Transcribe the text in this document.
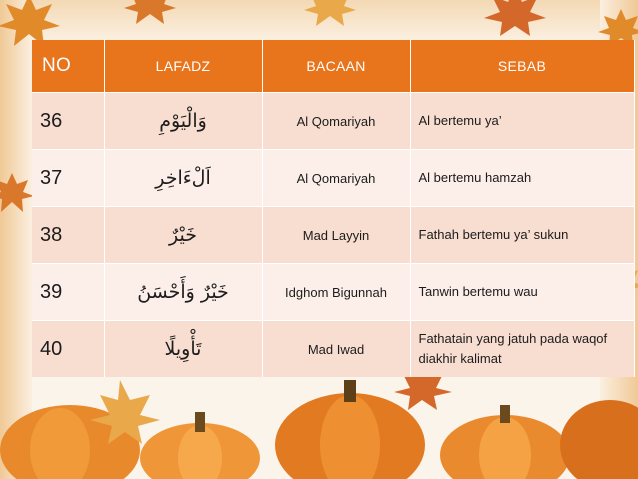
NO	LAFADZ	BACAAN	SEBAB
36	وَالْيَوْمِ	Al Qomariyah	Al bertemu ya’
37	اَلْءَاخِرِ	Al Qomariyah	Al bertemu hamzah
38	خَيْرٌ	Mad Layyin	Fathah bertemu ya’ sukun
39	خَيْرٌ وَأَحْسَنُ	Idghom Bigunnah	Tanwin bertemu wau
40	تَأْوِيلًا	Mad Iwad	Fathatain yang jatuh pada waqof diakhir kalimat
